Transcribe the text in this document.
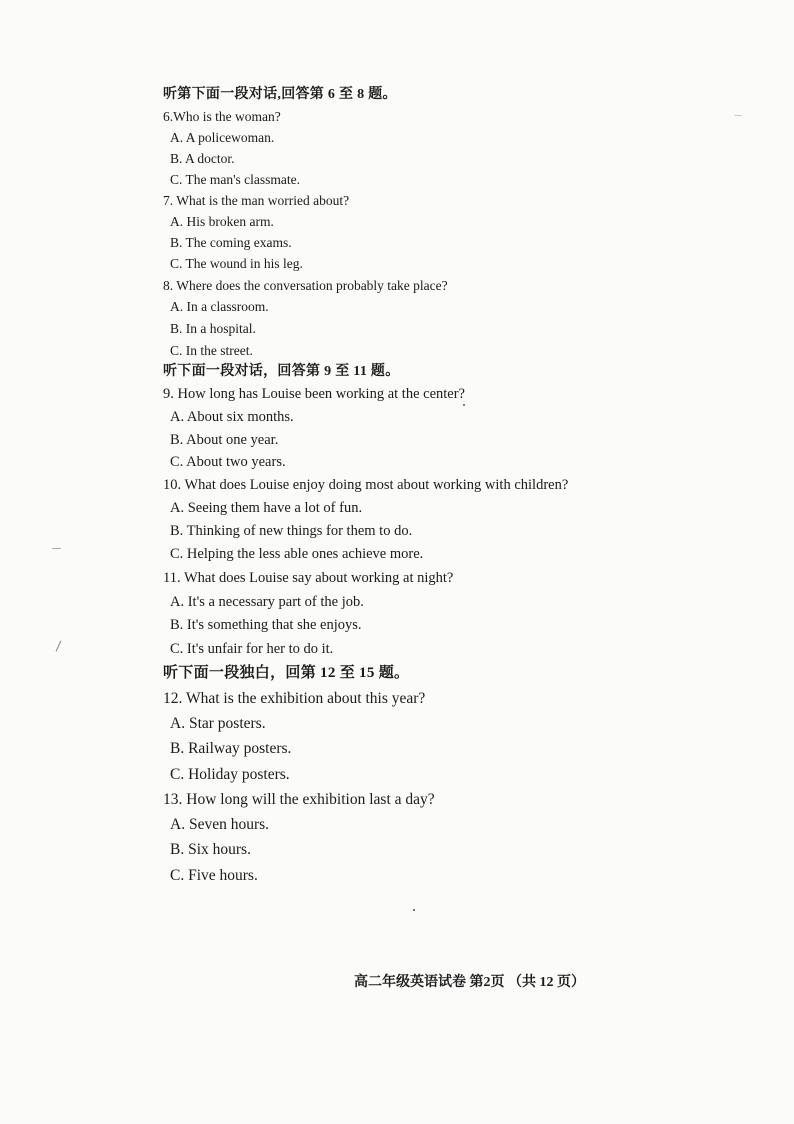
听第下面一段对话,回答第 6 至 8 题。
6.Who is the woman?
A. A policewoman.
B. A doctor.
C. The man's classmate.
7. What is the man worried about?
A. His broken arm.
B. The coming exams.
C. The wound in his leg.
8. Where does the conversation probably take place?
A. In a classroom.
B. In a hospital.
C. In the street.
听下面一段对话，回答第 9 至 11 题。
9. How long has Louise been working at the center?
A. About six months.
B. About one year.
C. About two years.
10. What does Louise enjoy doing most about working with children?
A. Seeing them have a lot of fun.
B. Thinking of new things for them to do.
C. Helping the less able ones achieve more.
11. What does Louise say about working at night?
A. It's a necessary part of the job.
B. It's something that she enjoys.
C. It's unfair for her to do it.
听下面一段独白，回第 12 至 15 题。
12. What is the exhibition about this year?
A. Star posters.
B. Railway posters.
C. Holiday posters.
13. How long will the exhibition last a day?
A. Seven hours.
B. Six hours.
C. Five hours.
高二年级英语试卷 第2页 （共 12 页）
